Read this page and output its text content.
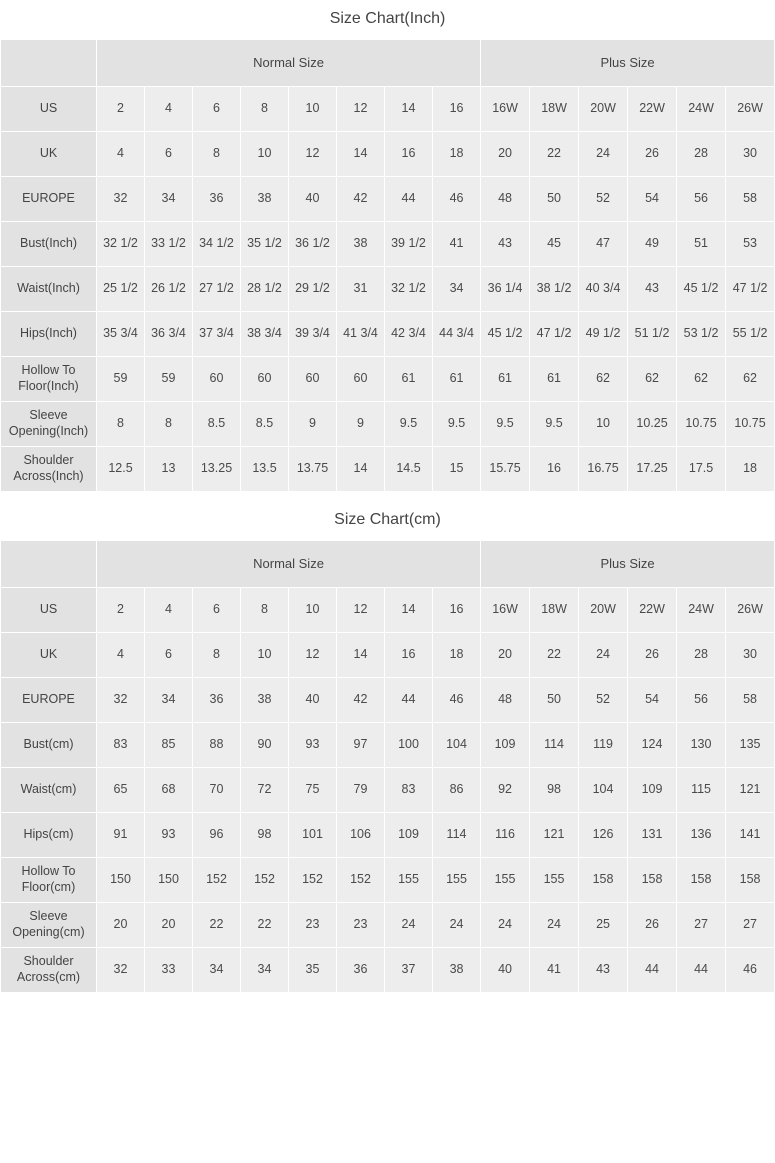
Size Chart(Inch)
	Normal Size								Plus Size					
US	2	4	6	8	10	12	14	16	16W	18W	20W	22W	24W	26W
UK	4	6	8	10	12	14	16	18	20	22	24	26	28	30
EUROPE	32	34	36	38	40	42	44	46	48	50	52	54	56	58
Bust(Inch)	32 1/2	33 1/2	34 1/2	35 1/2	36 1/2	38	39 1/2	41	43	45	47	49	51	53
Waist(Inch)	25 1/2	26 1/2	27 1/2	28 1/2	29 1/2	31	32 1/2	34	36 1/4	38 1/2	40 3/4	43	45 1/2	47 1/2
Hips(Inch)	35 3/4	36 3/4	37 3/4	38 3/4	39 3/4	41 3/4	42 3/4	44 3/4	45 1/2	47 1/2	49 1/2	51 1/2	53 1/2	55 1/2
Hollow To Floor(Inch)	59	59	60	60	60	60	61	61	61	61	62	62	62	62
Sleeve Opening(Inch)	8	8	8.5	8.5	9	9	9.5	9.5	9.5	9.5	10	10.25	10.75	10.75
Shoulder Across(Inch)	12.5	13	13.25	13.5	13.75	14	14.5	15	15.75	16	16.75	17.25	17.5	18
Size Chart(cm)
	Normal Size								Plus Size					
US	2	4	6	8	10	12	14	16	16W	18W	20W	22W	24W	26W
UK	4	6	8	10	12	14	16	18	20	22	24	26	28	30
EUROPE	32	34	36	38	40	42	44	46	48	50	52	54	56	58
Bust(cm)	83	85	88	90	93	97	100	104	109	114	119	124	130	135
Waist(cm)	65	68	70	72	75	79	83	86	92	98	104	109	115	121
Hips(cm)	91	93	96	98	101	106	109	114	116	121	126	131	136	141
Hollow To Floor(cm)	150	150	152	152	152	152	155	155	155	155	158	158	158	158
Sleeve Opening(cm)	20	20	22	22	23	23	24	24	24	24	25	26	27	27
Shoulder Across(cm)	32	33	34	34	35	36	37	38	40	41	43	44	44	46
